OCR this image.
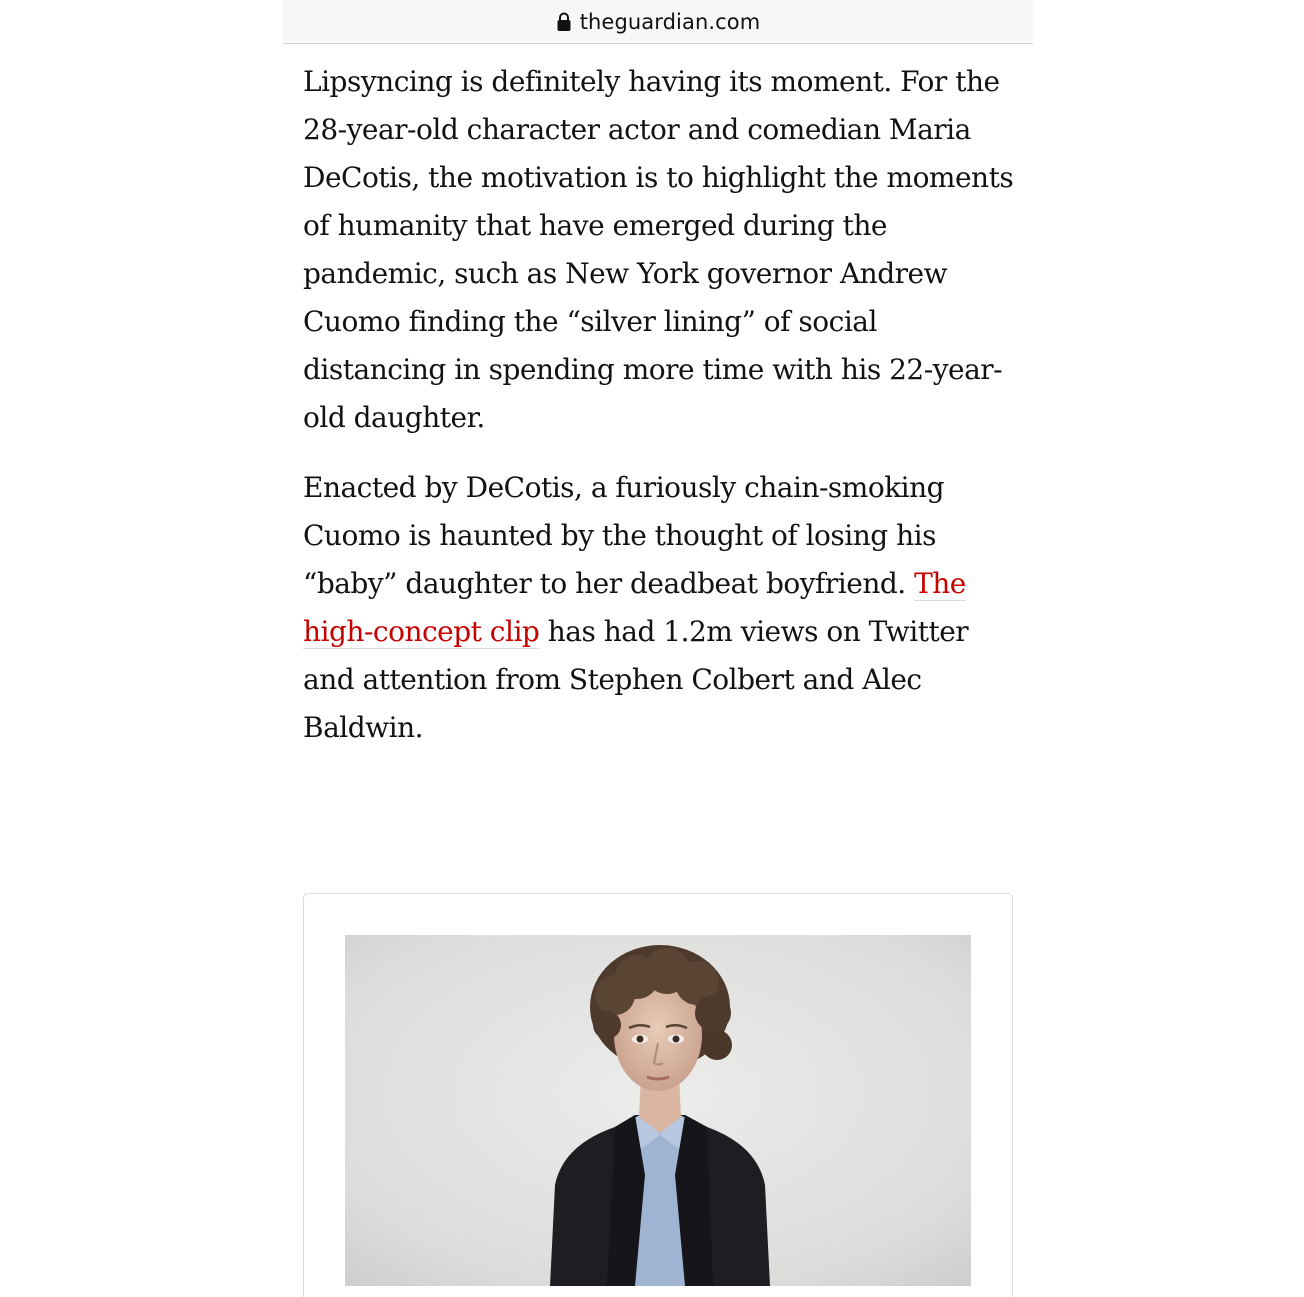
theguardian.com

Lipsyncing is definitely having its moment. For the 28-year-old character actor and comedian Maria DeCotis, the motivation is to highlight the moments of humanity that have emerged during the pandemic, such as New York governor Andrew Cuomo finding the “silver lining” of social distancing in spending more time with his 22-year-old daughter.

Enacted by DeCotis, a furiously chain-smoking Cuomo is haunted by the thought of losing his “baby” daughter to her deadbeat boyfriend. The high-concept clip has had 1.2m views on Twitter and attention from Stephen Colbert and Alec Baldwin.
